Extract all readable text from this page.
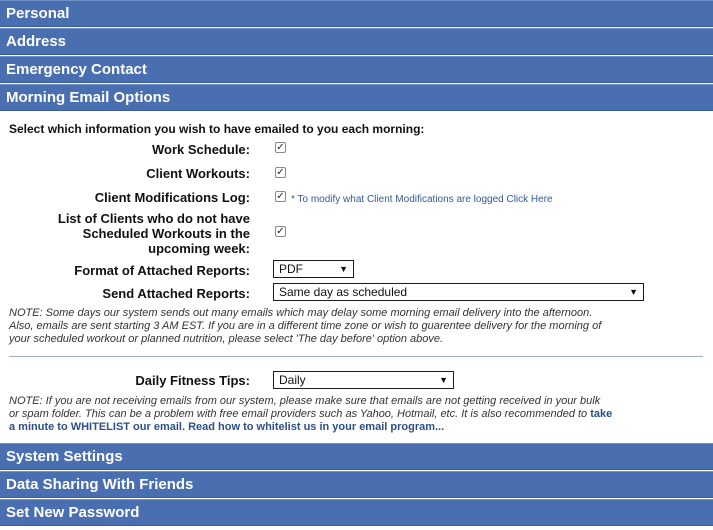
Personal
Address
Emergency Contact
Morning Email Options
Select which information you wish to have emailed to you each morning:
Work Schedule:	✓
Client Workouts:	✓
Client Modifications Log:	✓ * To modify what Client Modifications are logged Click Here
List of Clients who do not have
Scheduled Workouts in the
upcoming week:
✓
Format of Attached Reports:	PDF	▼
Send Attached Reports:	Same day as scheduled	▼
NOTE: Some days our system sends out many emails which may delay some morning email delivery into the afternoon.
Also, emails are sent starting 3 AM EST. If you are in a different time zone or wish to guarentee delivery for the morning of
your scheduled workout or planned nutrition, please select 'The day before' option above.
Daily Fitness Tips:	Daily	▼
NOTE: If you are not receiving emails from our system, please make sure that emails are not getting received in your bulk
or spam folder. This can be a problem with free email providers such as Yahoo, Hotmail, etc. It is also recommended to take
a minute to WHITELIST our email. Read how to whitelist us in your email program...
System Settings
Data Sharing With Friends
Set New Password
